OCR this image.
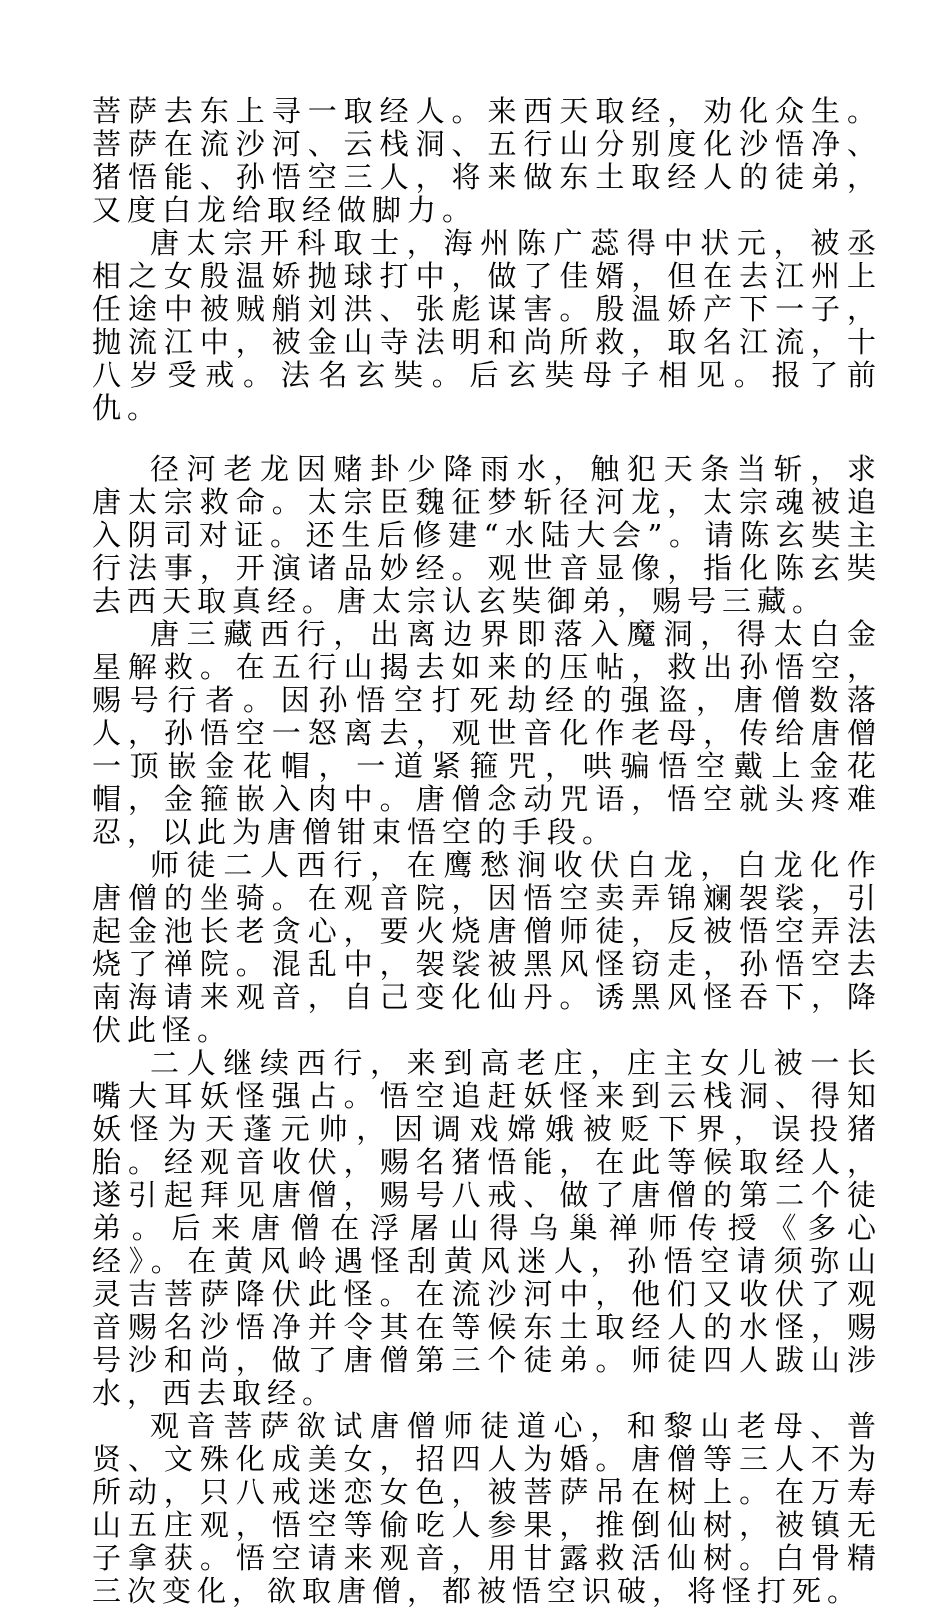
菩萨去东上寻一取经人。来西天取经，劝化众生。菩萨在流沙河、云栈洞、五行山分别度化沙悟净、猪悟能、孙悟空三人，将来做东土取经人的徒弟，又度白龙给取经做脚力。

唐太宗开科取士，海州陈广蕊得中状元，被丞相之女殷温娇抛球打中，做了佳婿，但在去江州上任途中被贼艄刘洪、张彪谋害。殷温娇产下一子，抛流江中，被金山寺法明和尚所救，取名江流，十八岁受戒。法名玄奘。后玄奘母子相见。报了前仇。

径河老龙因赌卦少降雨水，触犯天条当斩，求唐太宗救命。太宗臣魏征梦斩径河龙，太宗魂被追入阴司对证。还生后修建“水陆大会”。请陈玄奘主行法事，开演诸品妙经。观世音显像，指化陈玄奘去西天取真经。唐太宗认玄奘御弟，赐号三藏。

唐三藏西行，出离边界即落入魔洞，得太白金星解救。在五行山揭去如来的压帖，救出孙悟空，赐号行者。因孙悟空打死劫经的强盗，唐僧数落人，孙悟空一怒离去，观世音化作老母，传给唐僧一顶嵌金花帽，一道紧箍咒，哄骗悟空戴上金花帽，金箍嵌入肉中。唐僧念动咒语，悟空就头疼难忍，以此为唐僧钳束悟空的手段。

师徒二人西行，在鹰愁涧收伏白龙，白龙化作唐僧的坐骑。在观音院，因悟空卖弄锦斓袈裟，引起金池长老贪心，要火烧唐僧师徒，反被悟空弄法烧了禅院。混乱中，袈裟被黑风怪窃走，孙悟空去南海请来观音，自己变化仙丹。诱黑风怪吞下，降伏此怪。

二人继续西行，来到高老庄，庄主女儿被一长嘴大耳妖怪强占。悟空追赶妖怪来到云栈洞、得知妖怪为天蓬元帅，因调戏嫦娥被贬下界，误投猪胎。经观音收伏，赐名猪悟能，在此等候取经人，遂引起拜见唐僧，赐号八戒、做了唐僧的第二个徒弟。后来唐僧在浮屠山得乌巢禅师传授《多心经》。在黄风岭遇怪刮黄风迷人，孙悟空请须弥山灵吉菩萨降伏此怪。在流沙河中，他们又收伏了观音赐名沙悟净并令其在等候东土取经人的水怪，赐号沙和尚，做了唐僧第三个徒弟。师徒四人跋山涉水，西去取经。

观音菩萨欲试唐僧师徒道心，和黎山老母、普贤、文殊化成美女，招四人为婚。唐僧等三人不为所动，只八戒迷恋女色，被菩萨吊在树上。在万寿山五庄观，悟空等偷吃人参果，推倒仙树，被镇无子拿获。悟空请来观音，用甘露救活仙树。白骨精三次变化，欲取唐僧，都被悟空识破，将怪打死。
